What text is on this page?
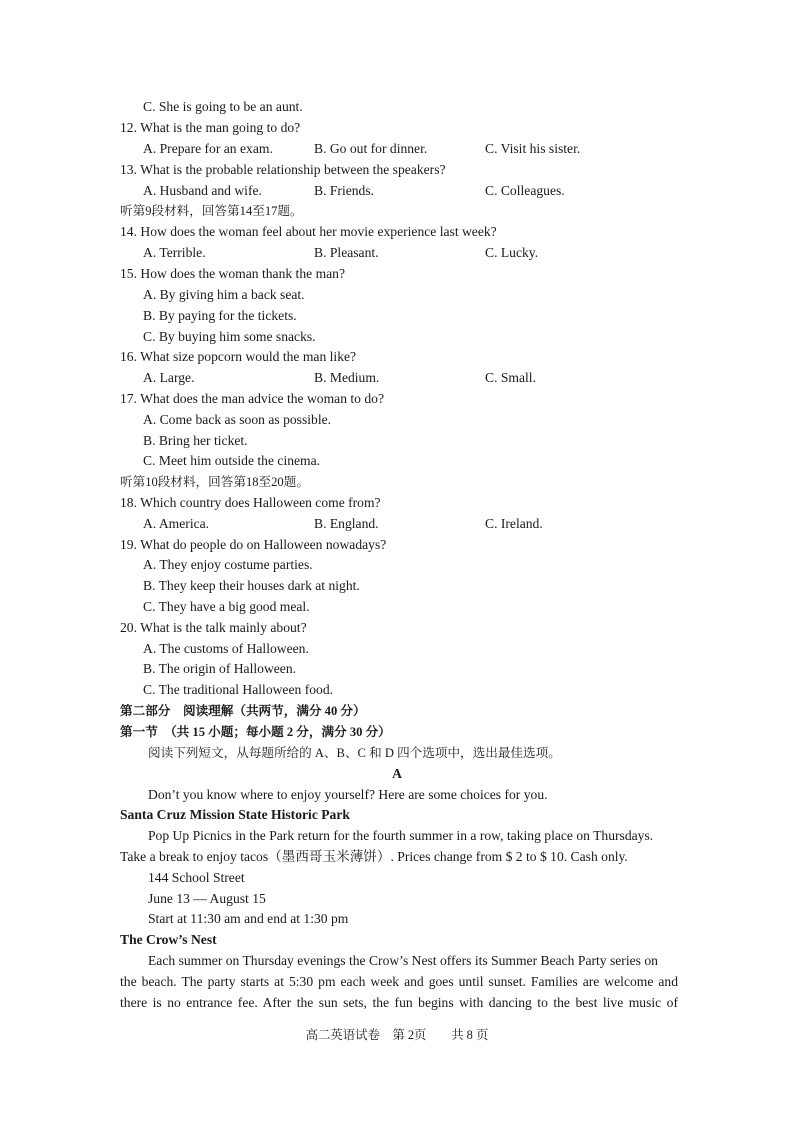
C. She is going to be an aunt.
12. What is the man going to do?
A. Prepare for an exam.	B. Go out for dinner.	C. Visit his sister.
13. What is the probable relationship between the speakers?
A. Husband and wife.	B. Friends.	C. Colleagues.
听第9段材料，回答第14至17题。
14. How does the woman feel about her movie experience last week?
A. Terrible.	B. Pleasant.	C. Lucky.
15. How does the woman thank the man?
A. By giving him a back seat.
B. By paying for the tickets.
C. By buying him some snacks.
16. What size popcorn would the man like?
A. Large.	B. Medium.	C. Small.
17. What does the man advice the woman to do?
A. Come back as soon as possible.
B. Bring her ticket.
C. Meet him outside the cinema.
听第10段材料，回答第18至20题。
18. Which country does Halloween come from?
A. America.	B. England.	C. Ireland.
19. What do people do on Halloween nowadays?
A. They enjoy costume parties.
B. They keep their houses dark at night.
C. They have a big good meal.
20. What is the talk mainly about?
A. The customs of Halloween.
B. The origin of Halloween.
C. The traditional Halloween food.
第二部分　阅读理解（共两节，满分 40 分）
第一节　（共 15 小题；每小题 2 分，满分 30 分）
阅读下列短文，从每题所给的 A、B、C 和 D 四个选项中，选出最佳选项。
A
Don’t you know where to enjoy yourself? Here are some choices for you.
Santa Cruz Mission State Historic Park
Pop Up Picnics in the Park return for the fourth summer in a row, taking place on Thursdays.
Take a break to enjoy tacos（墨西哥玉米薄饼）. Prices change from $ 2 to $ 10. Cash only.
144 School Street
June 13 — August 15
Start at 11:30 am and end at 1:30 pm
The Crow’s Nest
Each summer on Thursday evenings the Crow’s Nest offers its Summer Beach Party series on
the beach. The party starts at 5:30 pm each week and goes until sunset. Families are welcome and
there is no entrance fee. After the sun sets, the fun begins with dancing to the best live music of
高二英语试卷　第 2页　　共 8 页
